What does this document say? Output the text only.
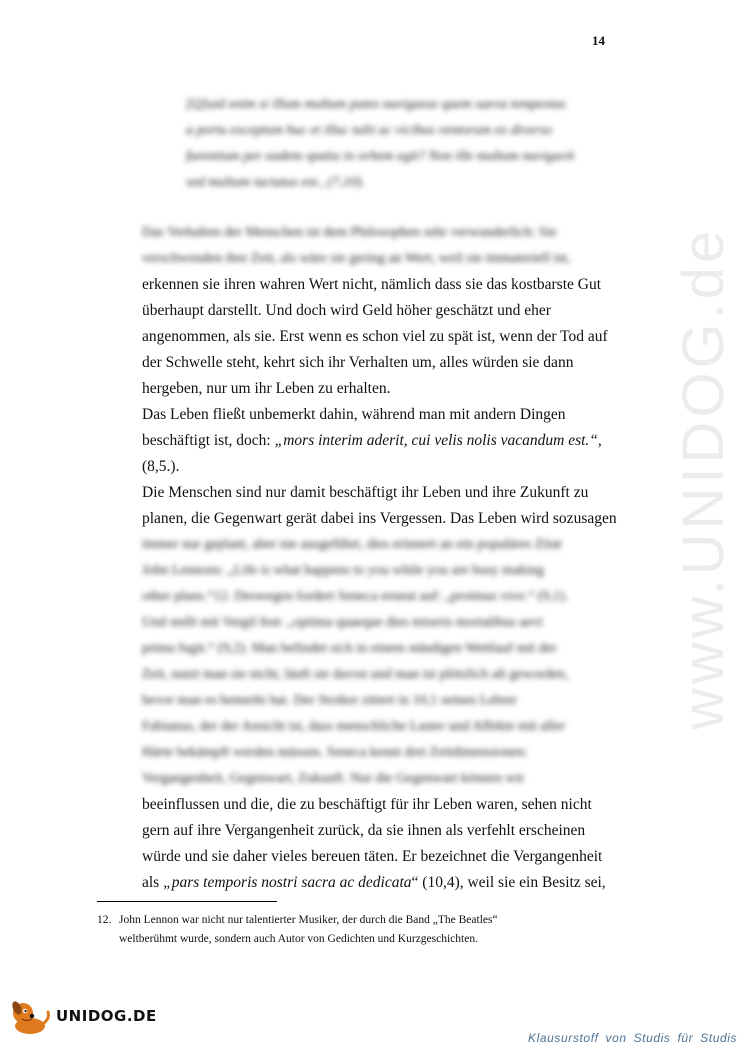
14
www.UNIDOG.de
[Q]uid enim si illum multum putes navigasse quem saeva tempestas
a portu exceptum huc et illuc tulit ac vicibus ventorum ex diverso
furentium per eadem spatia in orbem egit? Non ille multum navigavit
sed multum iactatus est., (7,10).
Das Verhalten der Menschen ist dem Philosophen sehr verwunderlich: Sie
verschwenden ihre Zeit, als wäre sie gering an Wert, weil sie immateriell ist,
erkennen sie ihren wahren Wert nicht, nämlich dass sie das kostbarste Gut
überhaupt darstellt. Und doch wird Geld höher geschätzt und eher
angenommen, als sie. Erst wenn es schon viel zu spät ist, wenn der Tod auf
der Schwelle steht, kehrt sich ihr Verhalten um, alles würden sie dann
hergeben, nur um ihr Leben zu erhalten.
Das Leben fließt unbemerkt dahin, während man mit andern Dingen
beschäftigt ist, doch: „mors interim aderit, cui velis nolis vacandum est.“,
(8,5.).
Die Menschen sind nur damit beschäftigt ihr Leben und ihre Zukunft zu
planen, die Gegenwart gerät dabei ins Vergessen. Das Leben wird sozusagen
immer nur geplant, aber nie ausgeführt, dies erinnert an ein populäres Zitat
John Lennons: „Life is what happens to you while you are busy making
other plans.“12. Deswegen fordert Seneca erneut auf: „protinus vive.“ (9,1).
Und stellt mit Vergil fest: „optima quaeque dies miseris mortalibus aevi
prima fugit.“ (9,2). Man befindet sich in einem ständigen Wettlauf mit der
Zeit, nutzt man sie nicht, läuft sie davon und man ist plötzlich alt geworden,
bevor man es bemerkt hat. Der Stoiker zitiert in 10,1 seinen Lehrer
Fabianus, der der Ansicht ist, dass menschliche Laster und Affekte mit aller
Härte bekämpft werden müssen. Seneca kennt drei Zeitdimensionen:
Vergangenheit, Gegenwart, Zukunft. Nur die Gegenwart können wir
beeinflussen und die, die zu beschäftigt für ihr Leben waren, sehen nicht
gern auf ihre Vergangenheit zurück, da sie ihnen als verfehlt erscheinen
würde und sie daher vieles bereuen täten. Er bezeichnet die Vergangenheit
als „pars temporis nostri sacra ac dedicata“ (10,4), weil sie ein Besitz sei,
12. John Lennon war nicht nur talentierter Musiker, der durch die Band „The Beatles“
weltberühmt wurde, sondern auch Autor von Gedichten und Kurzgeschichten.
UNIDOG.DE
Klausurstoff von Studis für Studis
